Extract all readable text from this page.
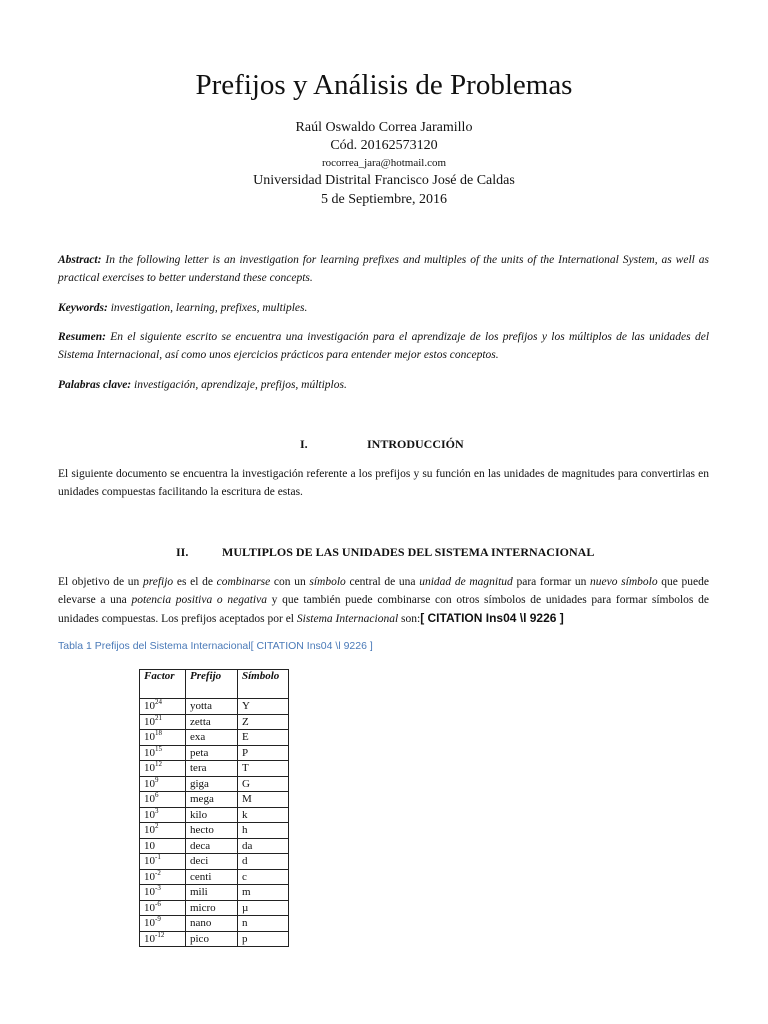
Prefijos y Análisis de Problemas
Raúl Oswaldo Correa Jaramillo
Cód. 20162573120
rocorrea_jara@hotmail.com
Universidad Distrital Francisco José de Caldas
5 de Septiembre, 2016
Abstract: In the following letter is an investigation for learning prefixes and multiples of the units of the International System, as well as practical exercises to better understand these concepts.
Keywords: investigation, learning, prefixes, multiples.
Resumen: En el siguiente escrito se encuentra una investigación para el aprendizaje de los prefijos y los múltiplos de las unidades del Sistema Internacional, así como unos ejercicios prácticos para entender mejor estos conceptos.
Palabras clave: investigación, aprendizaje, prefijos, múltiplos.
I.	INTRODUCCIÓN
El siguiente documento se encuentra la investigación referente a los prefijos y su función en las unidades de magnitudes para convertirlas en unidades compuestas facilitando la escritura de estas.
II.	MULTIPLOS DE LAS UNIDADES DEL SISTEMA INTERNACIONAL
El objetivo de un prefijo es el de combinarse con un símbolo central de una unidad de magnitud para formar un nuevo símbolo que puede elevarse a una potencia positiva o negativa y que también puede combinarse con otros símbolos de unidades para formar símbolos de unidades compuestas. Los prefijos aceptados por el Sistema Internacional son:[ CITATION Ins04 \l 9226 ]
Tabla 1 Prefijos del Sistema Internacional[ CITATION Ins04 \l 9226 ]
Factor	Prefijo	Símbolo
$10^{24}$	yotta	Y
$10^{21}$	zetta	Z
$10^{18}$	exa	E
$10^{15}$	peta	P
$10^{12}$	tera	T
$10^9$	giga	G
$10^6$	mega	M
$10^3$	kilo	k
$10^2$	hecto	h
10	deca	da
$10^{-1}$	deci	d
$10^{-2}$	centi	c
$10^{-3}$	mili	m
$10^{-6}$	micro	µ
$10^{-9}$	nano	n
$10^{-12}$	pico	p
